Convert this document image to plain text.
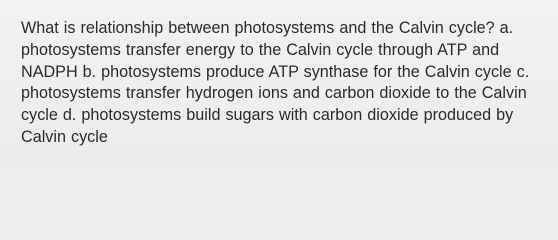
What is relationship between photosystems and the Calvin cycle? a. photosystems transfer energy to the Calvin cycle through ATP and NADPH b. photosystems produce ATP synthase for the Calvin cycle c. photosystems transfer hydrogen ions and carbon dioxide to the Calvin cycle d. photosystems build sugars with carbon dioxide produced by Calvin cycle
